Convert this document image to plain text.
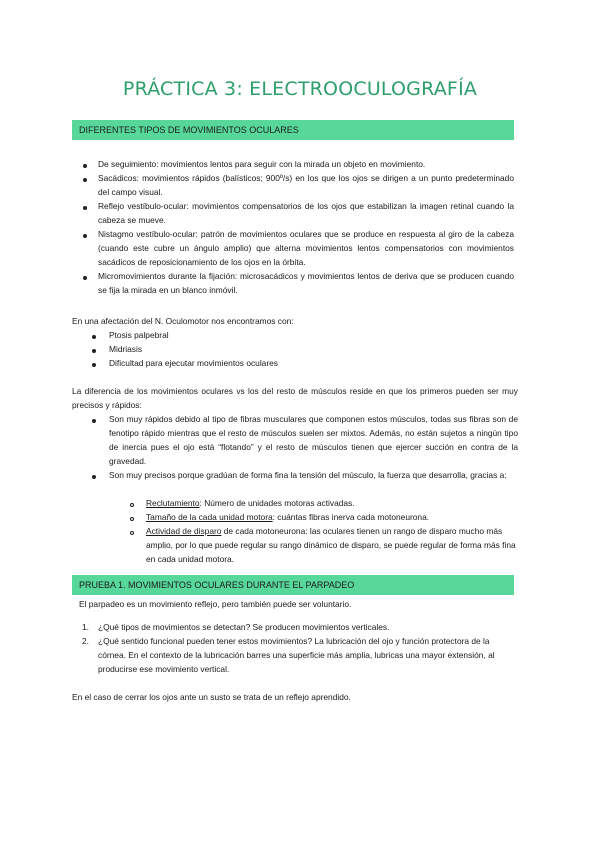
PRÁCTICA 3: ELECTROOCULOGRAFÍA
DIFERENTES TIPOS DE MOVIMIENTOS OCULARES
De seguimiento: movimientos lentos para seguir con la mirada un objeto en movimiento.
Sacádicos: movimientos rápidos (balísticos; 900º/s) en los que los ojos se dirigen a un punto predeterminado del campo visual.
Reflejo vestíbulo-ocular: movimientos compensatorios de los ojos que estabilizan la imagen retinal cuando la cabeza se mueve.
Nistagmo vestíbulo-ocular: patrón de movimientos oculares que se produce en respuesta al giro de la cabeza (cuando este cubre un ángulo amplio) que alterna movimientos lentos compensatorios con movimientos sacádicos de reposicionamiento de los ojos en la órbita.
Micromovimientos durante la fijación: microsacádicos y movimientos lentos de deriva que se producen cuando se fija la mirada en un blanco inmóvil.
En una afectación del N. Oculomotor nos encontramos con:
Ptosis palpebral
Midriasis
Dificultad para ejecutar movimientos oculares
La diferencia de los movimientos oculares vs los del resto de músculos reside en que los primeros pueden ser muy precisos y rápidos:
Son muy rápidos debido al tipo de fibras musculares que componen estos músculos, todas sus fibras son de fenotipo rápido mientras que el resto de músculos suelen ser mixtos. Además, no están sujetos a ningún tipo de inercia pues el ojo está “flotando” y el resto de músculos tienen que ejercer succión en contra de la gravedad.
Son muy precisos porque gradúan de forma fina la tensión del músculo, la fuerza que desarrolla, gracias a:
Reclutamiento: Número de unidades motoras activadas.
Tamaño de la cada unidad motora: cuántas fibras inerva cada motoneurona.
Actividad de disparo de cada motoneurona: las oculares tienen un rango de disparo mucho más amplio, por lo que puede regular su rango dinámico de disparo, se puede regular de forma más fina en cada unidad motora.
PRUEBA 1. MOVIMIENTOS OCULARES DURANTE EL PARPADEO
El parpadeo es un movimiento reflejo, pero también puede ser voluntario.
1. ¿Qué tipos de movimientos se detectan? Se producen movimientos verticales.
2. ¿Qué sentido funcional pueden tener estos movimientos? La lubricación del ojo y función protectora de la córnea. En el contexto de la lubricación barres una superficie más amplia, lubricas una mayor extensión, al producirse ese movimiento vertical.
En el caso de cerrar los ojos ante un susto se trata de un reflejo aprendido.
